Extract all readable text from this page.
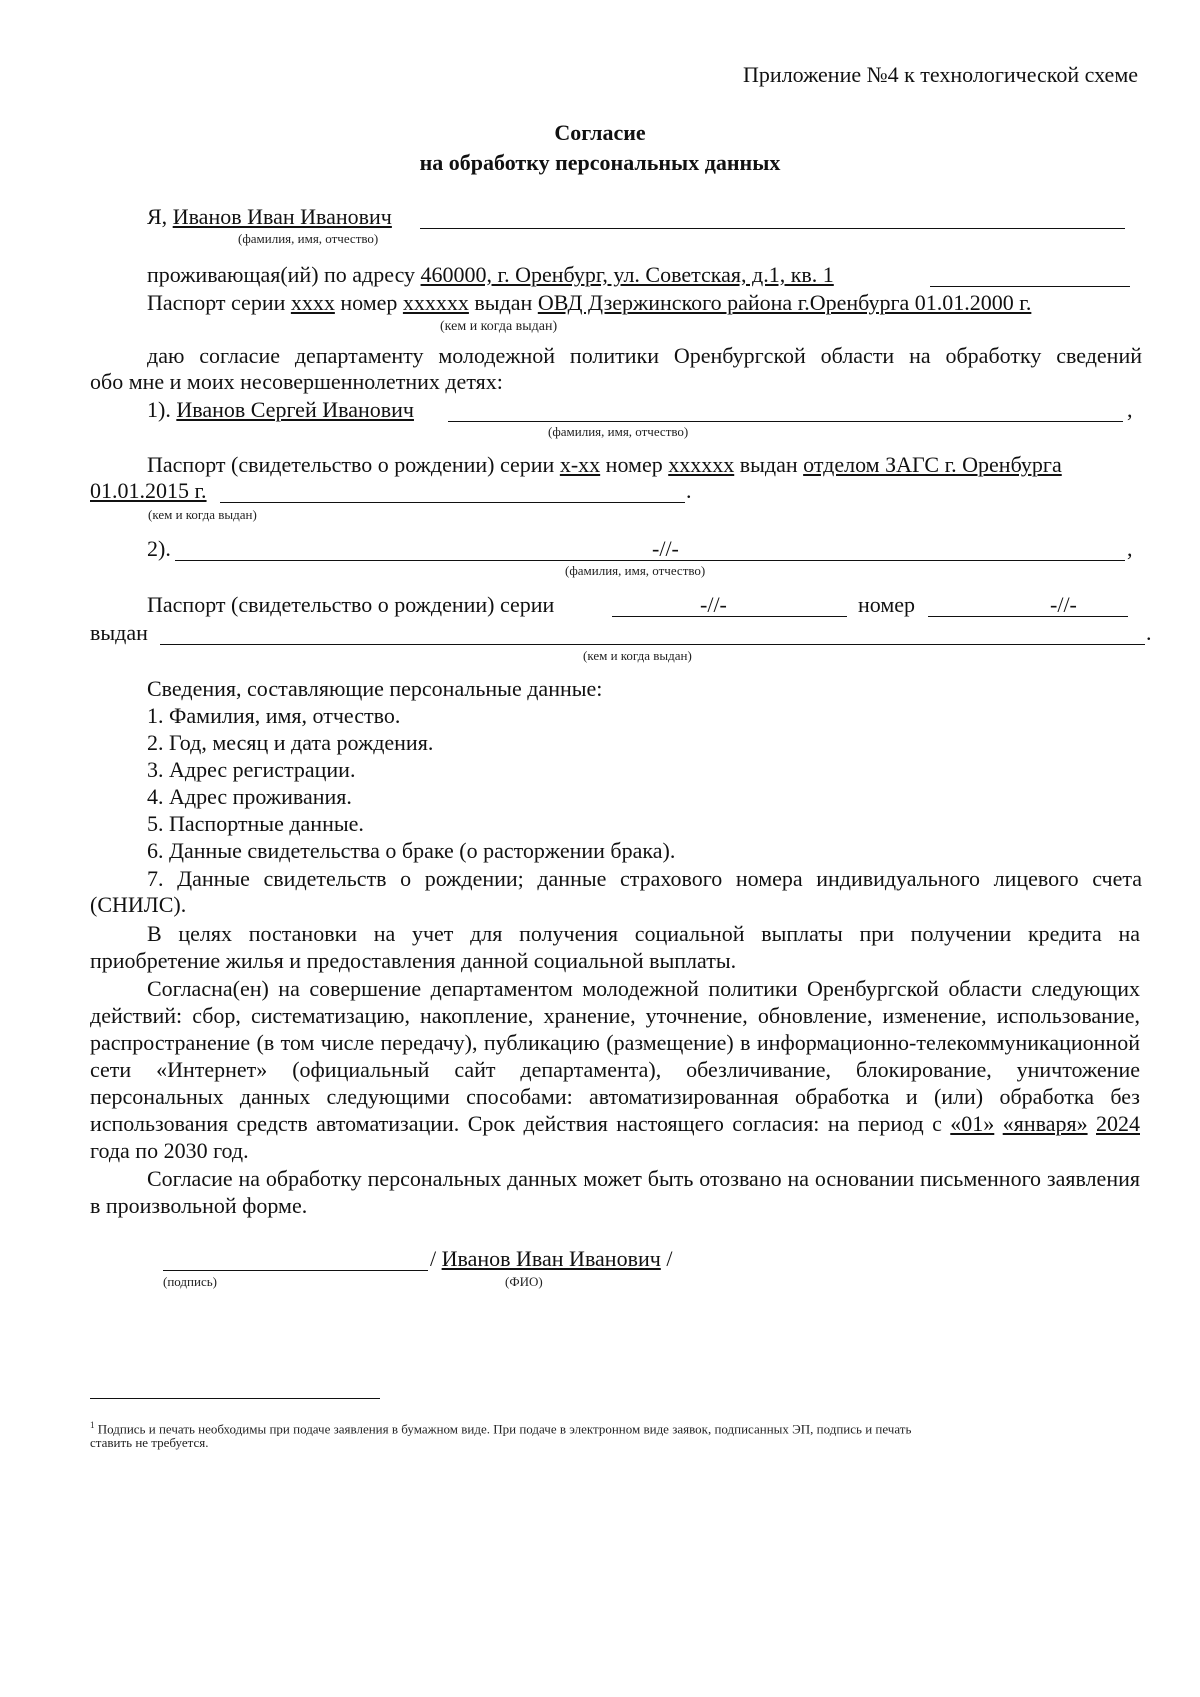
Приложение №4 к технологической схеме
Согласие
на обработку персональных данных
Я, Иванов Иван Иванович
(фамилия, имя, отчество)
проживающая(ий) по адресу 460000, г. Оренбург, ул. Советская, д.1, кв. 1
Паспорт серии хххх номер хххххх выдан ОВД Дзержинского района г.Оренбурга 01.01.2000 г.
(кем и когда выдан)
даю согласие департаменту молодежной политики Оренбургской области на обработку сведений
обо мне и моих несовершеннолетних детях:
1). Иванов Сергей Иванович	,
(фамилия, имя, отчество)
Паспорт (свидетельство о рождении) серии х-хх номер хххххх выдан отделом ЗАГС г. Оренбурга
01.01.2015 г.	.
(кем и когда выдан)
2).	-//-	,
(фамилия, имя, отчество)
Паспорт (свидетельство о рождении) серии	-//-	номер	-//-
выдан	.
(кем и когда выдан)
Сведения, составляющие персональные данные:
1. Фамилия, имя, отчество.
2. Год, месяц и дата рождения.
3. Адрес регистрации.
4. Адрес проживания.
5. Паспортные данные.
6. Данные свидетельства о браке (о расторжении брака).
7. Данные свидетельств о рождении; данные страхового номера индивидуального лицевого счета
(СНИЛС).
В целях постановки на учет для получения социальной выплаты при получении кредита на приобретение жилья и предоставления данной социальной выплаты.
Согласна(ен) на совершение департаментом молодежной политики Оренбургской области следующих действий: сбор, систематизацию, накопление, хранение, уточнение, обновление, изменение, использование, распространение (в том числе передачу), публикацию (размещение) в информационно-телекоммуникационной сети «Интернет» (официальный сайт департамента), обезличивание, блокирование, уничтожение персональных данных следующими способами: автоматизированная обработка и (или) обработка без использования средств автоматизации. Срок действия настоящего согласия: на период с «01» «января» 2024 года по 2030 год.
Согласие на обработку персональных данных может быть отозвано на основании письменного заявления в произвольной форме.
/ Иванов Иван Иванович /
(подпись)	(ФИО)
$^1$ Подпись и печать необходимы при подаче заявления в бумажном виде. При подаче в электронном виде заявок, подписанных ЭП, подпись и печать
ставить не требуется.
